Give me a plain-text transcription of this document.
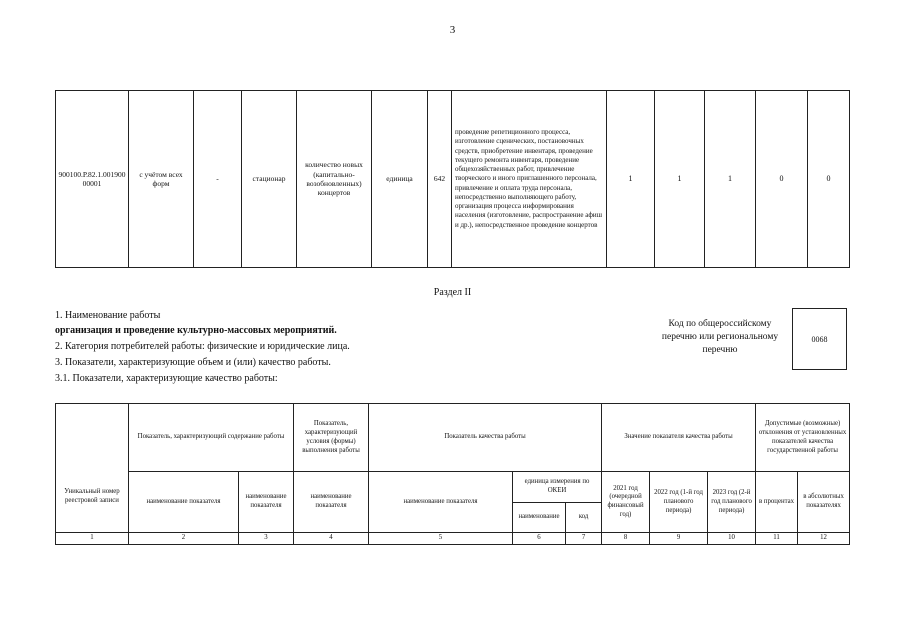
3
900100.Р.82.1.00190000001	с учётом всех форм	-	стационар	количество новых (капитально-возобновленных) концертов	единица	642	проведение репетиционного процесса, изготовление сценических, постановочных средств, приобретение инвентаря, проведение текущего ремонта инвентаря, проведение общехозяйственных работ, привлечение творческого и иного приглашенного персонала, привлечение и оплата труда персонала, непосредственно выполняющего работу, организация процесса информирования населения (изготовление, распространение афиш и др.), непосредственное проведение концертов	1	1	1	0	0
Раздел II
1. Наименование работы
организация и проведение культурно-массовых мероприятий.
2. Категория потребителей работы: физические и юридические лица.
3. Показатели, характеризующие объем и (или) качество работы.
3.1. Показатели, характеризующие качество работы:
Код по общероссийскому перечню или региональному перечню
0068
Уникальный номер реестровой записи	Показатель, характеризующий содержание работы		Показатель, характеризующий условия (формы) выполнения работы	Показатель качества работы			Значение показателя качества работы			Допустимые (возможные) отклонения от установленных показателей качества государственной работы	
	наименование показателя	наименование показателя	наименование показателя	наименование показателя	единица измерения по ОКЕИ		2021 год (очередной финансовый год)	2022 год (1-й год планового периода)	2023 год (2-й год планового периода)	в процентах	в абсолютных показателях
					наименование	код					
1	2	3	4	5	6	7	8	9	10	11	12
